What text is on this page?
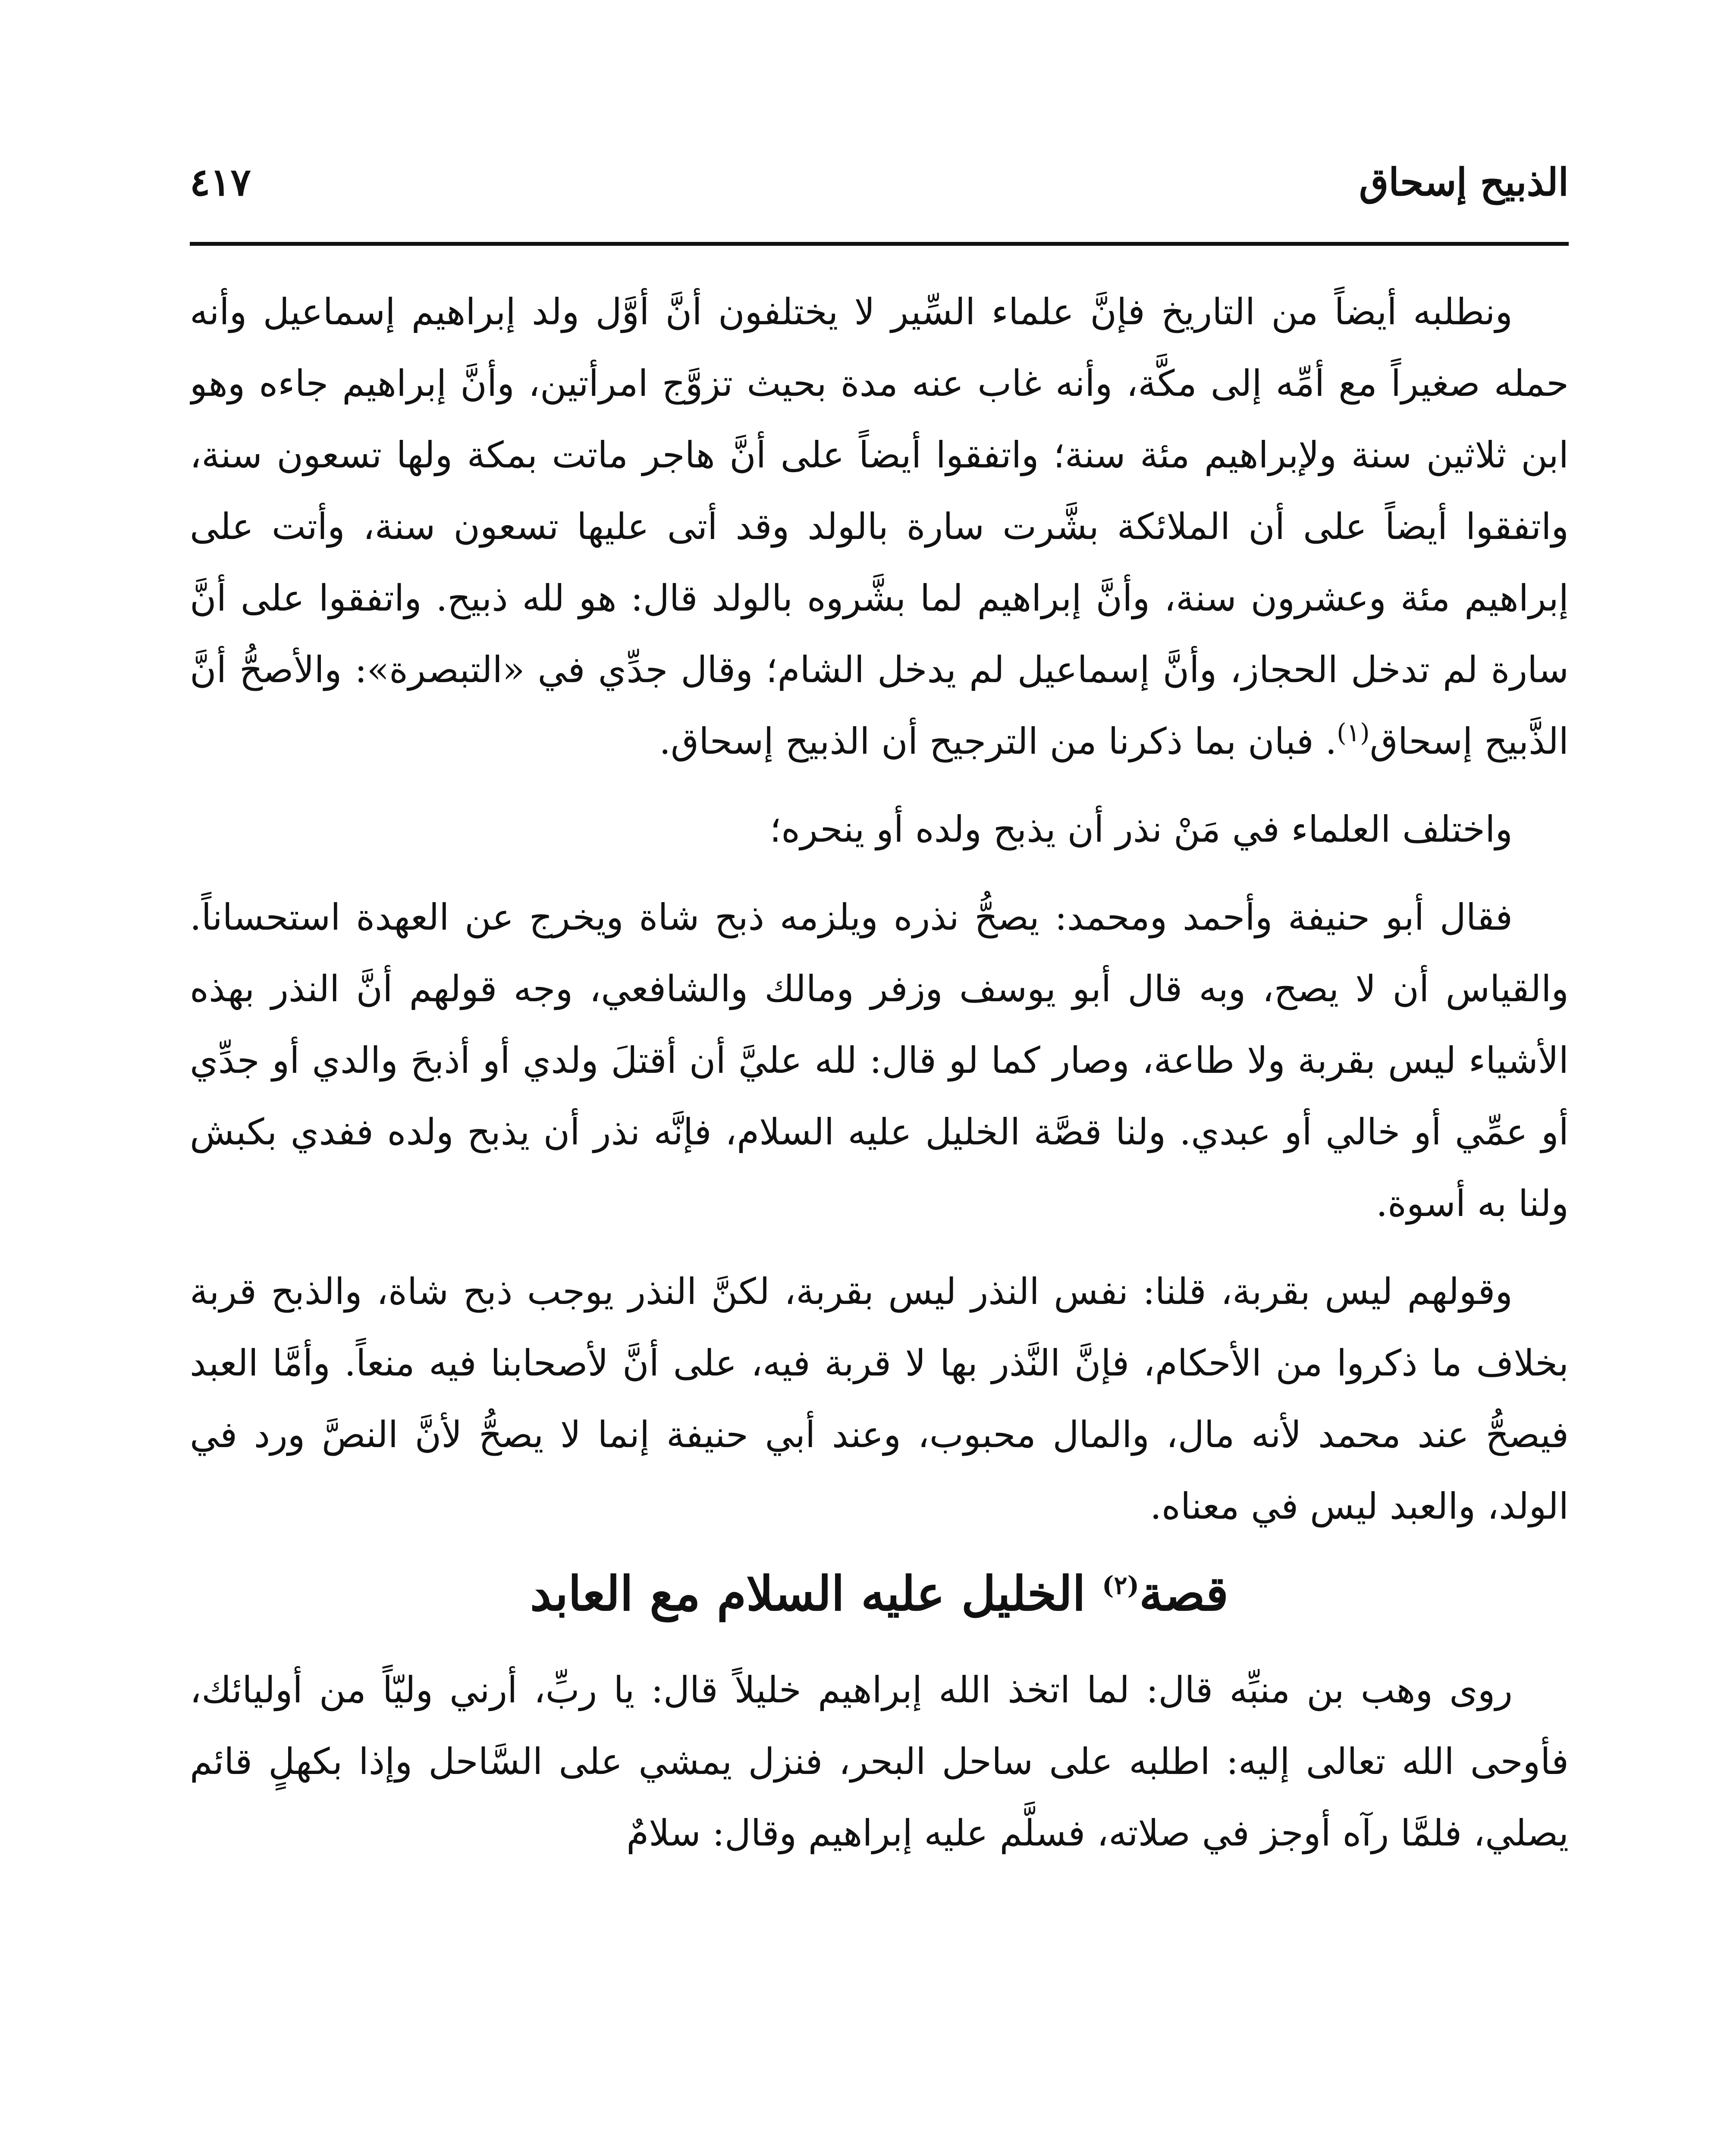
الذبيح إسحاق
٤١٧

ونطلبه أيضاً من التاريخ فإنَّ علماء السِّير لا يختلفون أنَّ أوَّل ولد إبراهيم إسماعيل وأنه حمله صغيراً مع أمِّه إلى مكَّة، وأنه غاب عنه مدة بحيث تزوَّج امرأتين، وأنَّ إبراهيم جاءه وهو ابن ثلاثين سنة ولإبراهيم مئة سنة؛ واتفقوا أيضاً على أنَّ هاجر ماتت بمكة ولها تسعون سنة، واتفقوا أيضاً على أن الملائكة بشَّرت سارة بالولد وقد أتى عليها تسعون سنة، وأتت على إبراهيم مئة وعشرون سنة، وأنَّ إبراهيم لما بشَّروه بالولد قال: هو لله ذبيح. واتفقوا على أنَّ سارة لم تدخل الحجاز، وأنَّ إسماعيل لم يدخل الشام؛ وقال جدِّي في «التبصرة»: والأصحُّ أنَّ الذَّبيح إسحاق$^{(١)}$. فبان بما ذكرنا من الترجيح أن الذبيح إسحاق.

واختلف العلماء في مَنْ نذر أن يذبح ولده أو ينحره؛

فقال أبو حنيفة وأحمد ومحمد: يصحُّ نذره ويلزمه ذبح شاة ويخرج عن العهدة استحساناً. والقياس أن لا يصح، وبه قال أبو يوسف وزفر ومالك والشافعي، وجه قولهم أنَّ النذر بهذه الأشياء ليس بقربة ولا طاعة، وصار كما لو قال: لله عليَّ أن أقتلَ ولدي أو أذبحَ والدي أو جدِّي أو عمِّي أو خالي أو عبدي. ولنا قصَّة الخليل عليه السلام، فإنَّه نذر أن يذبح ولده ففدي بكبش ولنا به أسوة.

وقولهم ليس بقربة، قلنا: نفس النذر ليس بقربة، لكنَّ النذر يوجب ذبح شاة، والذبح قربة بخلاف ما ذكروا من الأحكام، فإنَّ النَّذر بها لا قربة فيه، على أنَّ لأصحابنا فيه منعاً. وأمَّا العبد فيصحُّ عند محمد لأنه مال، والمال محبوب، وعند أبي حنيفة إنما لا يصحُّ لأنَّ النصَّ ورد في الولد، والعبد ليس في معناه.

قصة$^{(٢)}$ الخليل عليه السلام مع العابد

روى وهب بن منبِّه قال: لما اتخذ الله إبراهيم خليلاً قال: يا ربِّ، أرني وليّاً من أوليائك، فأوحى الله تعالى إليه: اطلبه على ساحل البحر، فنزل يمشي على السَّاحل وإذا بكهلٍ قائم يصلي، فلمَّا رآه أوجز في صلاته، فسلَّم عليه إبراهيم وقال: سلامٌ
